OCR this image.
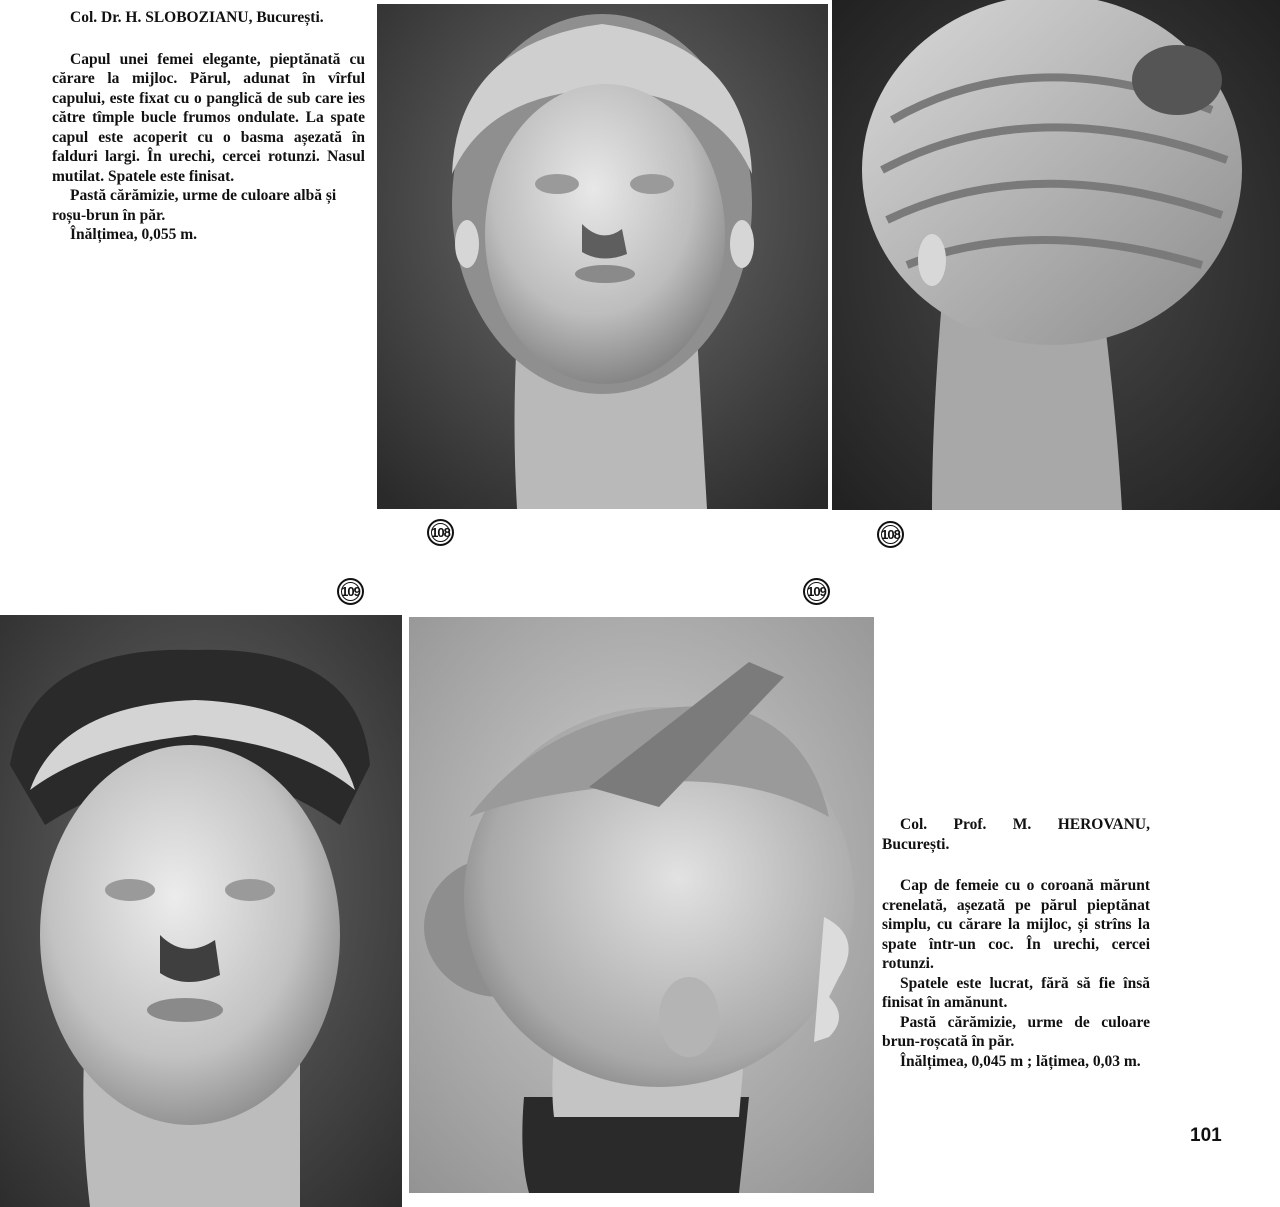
Col. Dr. H. SLOBOZIANU, București.

Capul unei femei elegante, pieptănată cu cărare la mijloc. Părul, adunat în vîrful capului, este fixat cu o panglică de sub care ies către tîmple bucle frumos ondulate. La spate capul este acoperit cu o basma așezată în falduri largi. În urechi, cercei rotunzi. Nasul mutilat. Spatele este finisat.

Pastă cărămizie, urme de culoare albă și roșu-brun în păr.

Înălțimea, 0,055 m.

108	108
109	109

Col. Prof. M. HEROVANU, București.

Cap de femeie cu o coroană mărunt crenelată, așezată pe părul pieptănat simplu, cu cărare la mijloc, și strîns la spate într-un coc. În urechi, cercei rotunzi.

Spatele este lucrat, fără să fie însă finisat în amănunt.

Pastă cărămizie, urme de culoare brun-roșcată în păr.

Înălțimea, 0,045 m ; lățimea, 0,03 m.

101
